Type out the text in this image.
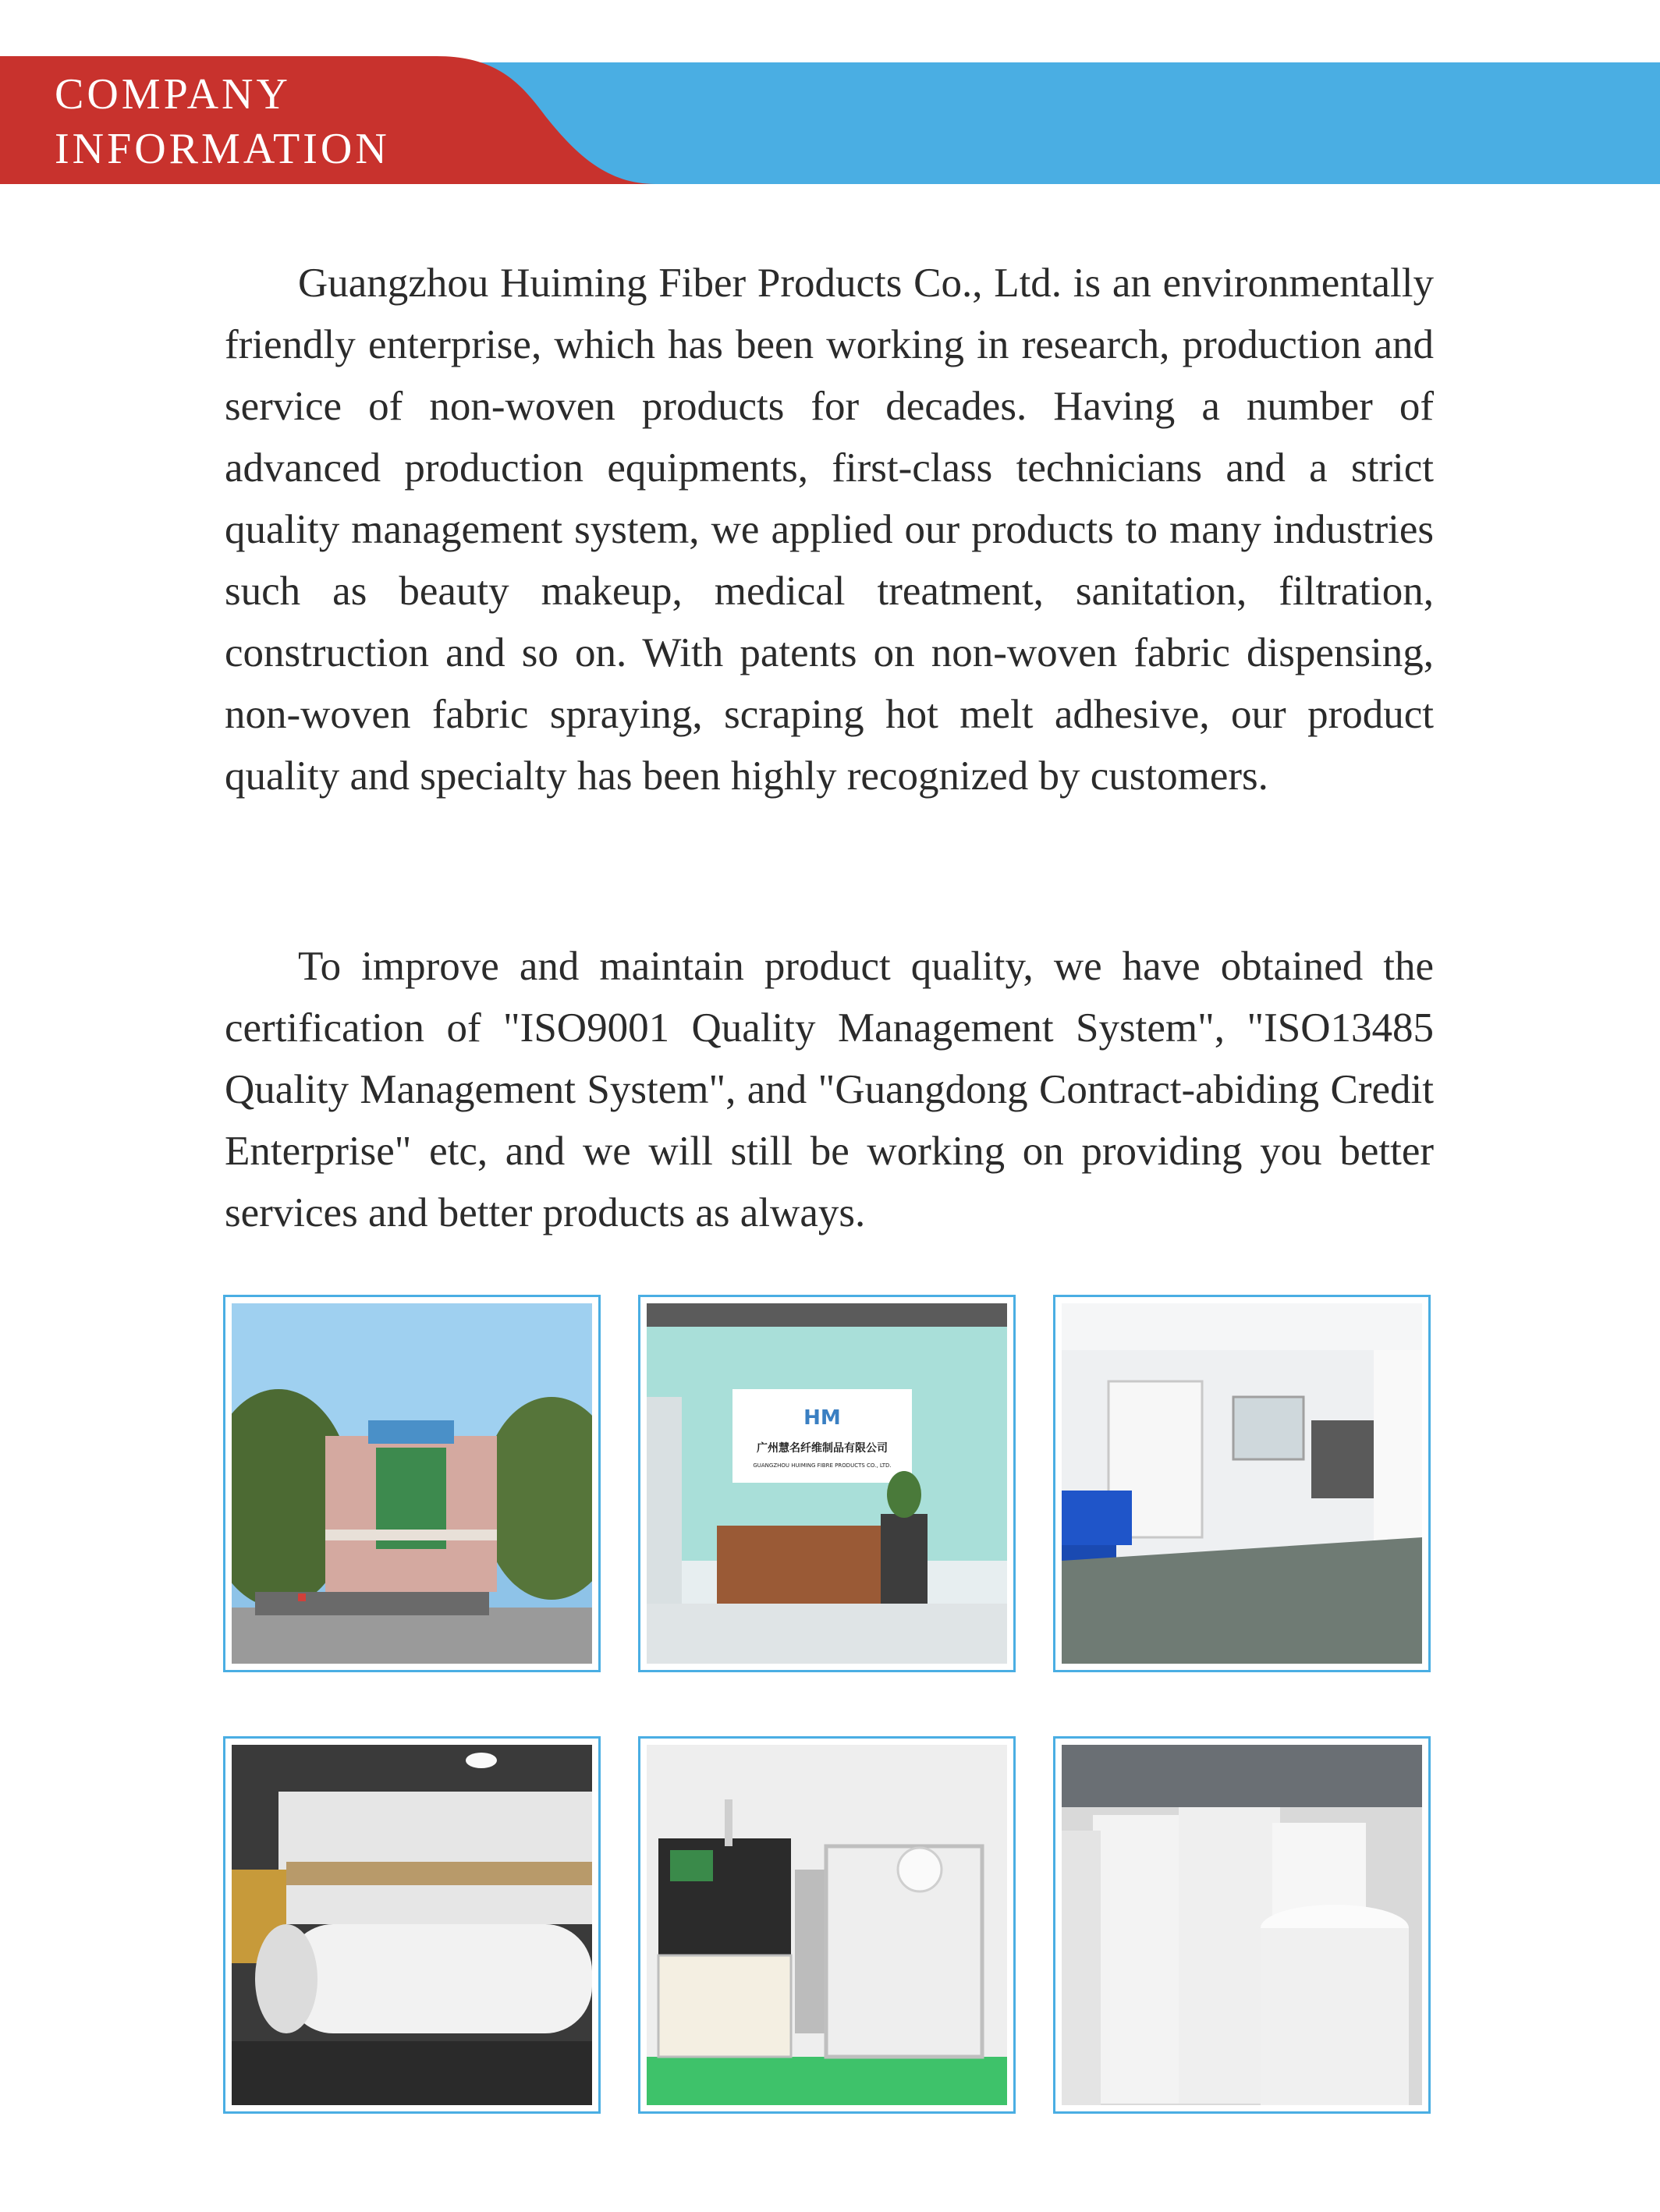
COMPANY
INFORMATION

Guangzhou Huiming Fiber Products Co., Ltd. is an environmentally friendly enterprise, which has been working in research, production and service of non-woven products for decades. Having a number of advanced production equipments, first-class technicians and a strict quality management system, we applied our products to many industries such as beauty makeup, medical treatment, sanitation, filtration, construction and so on. With patents on non-woven fabric dispensing, non-woven fabric spraying, scraping hot melt adhesive, our product quality and specialty has been highly recognized by customers.

To improve and maintain product quality, we have obtained the certification of "ISO9001 Quality Management System", "ISO13485 Quality Management System", and "Guangdong Contract-abiding Credit Enterprise" etc, and we will still be working on providing you better services and better products as always.

HM
广州慧名纤维制品有限公司
GUANGZHOU HUIMING FIBRE PRODUCTS CO., LTD.
